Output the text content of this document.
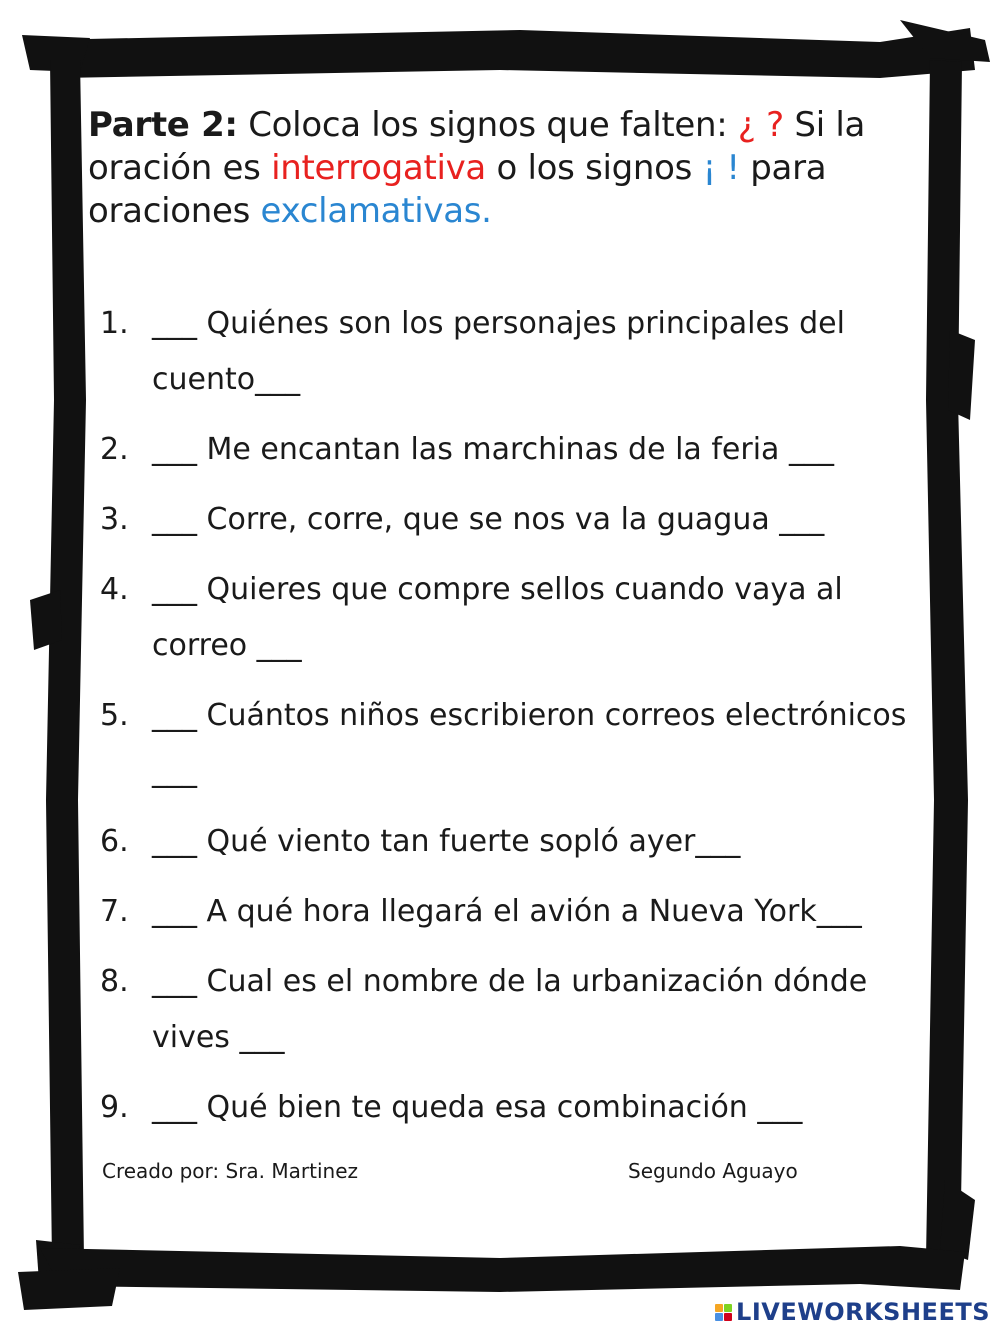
Parte 2: Coloca los signos que falten: ¿ ? Si la oración es interrogativa o los signos ¡ ! para oraciones exclamativas.
1. ___ Quiénes son los personajes principales del cuento___
2. ___ Me encantan las marchinas de la feria ___
3. ___ Corre, corre, que se nos va la guagua ___
4. ___ Quieres que compre sellos cuando vaya al correo ___
5. ___ Cuántos niños escribieron correos electrónicos ___
6. ___ Qué viento tan fuerte sopló ayer___
7. ___ A qué hora llegará el avión a Nueva York___
8. ___ Cual es el nombre de la urbanización dónde vives ___
9. ___ Qué bien te queda esa combinación ___
Creado por: Sra. Martinez	Segundo Aguayo
LIVEWORKSHEETS
